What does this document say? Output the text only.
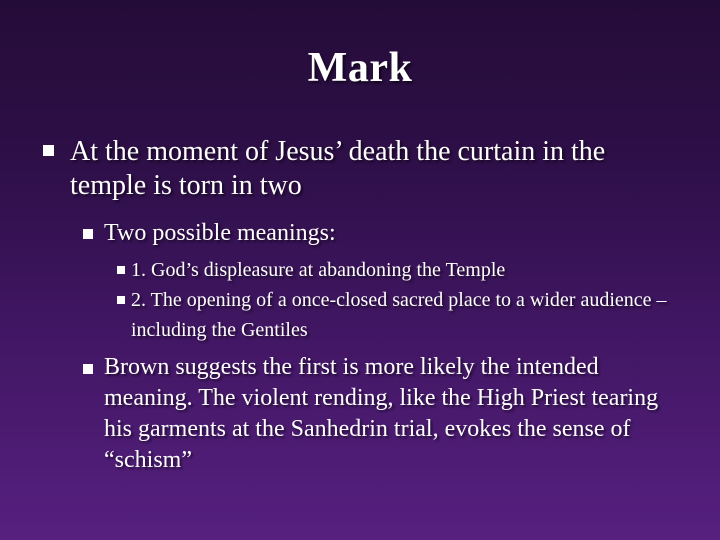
Mark
At the moment of Jesus’ death the curtain in the temple is torn in two
Two possible meanings:
1. God’s displeasure at abandoning the Temple
2. The opening of a once-closed sacred place to a wider audience – including the Gentiles
Brown suggests the first is more likely the intended meaning. The violent rending, like the High Priest tearing his garments at the Sanhedrin trial, evokes the sense of “schism”
